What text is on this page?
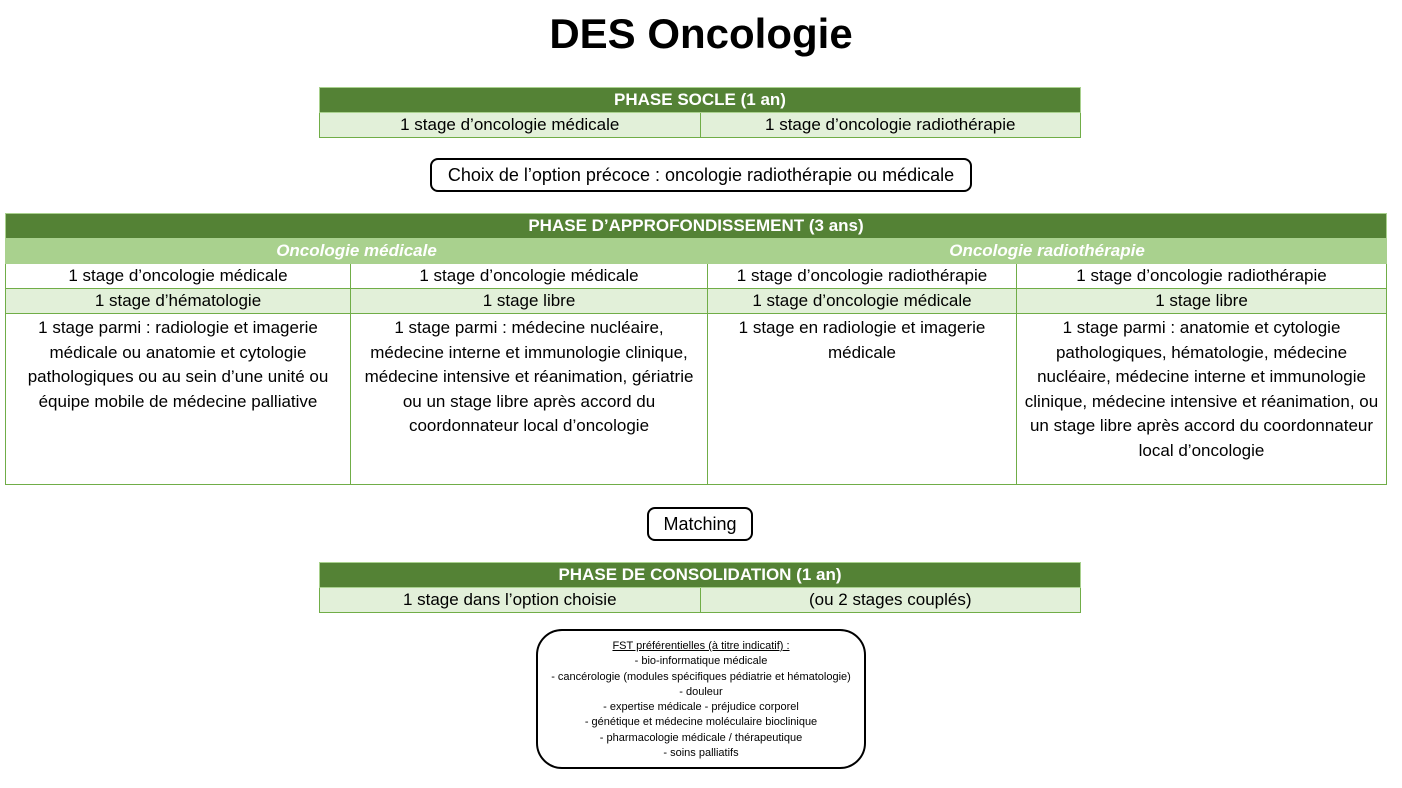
DES Oncologie
PHASE SOCLE (1 an)
1 stage d’oncologie médicale	1 stage d’oncologie radiothérapie
Choix de l’option précoce : oncologie radiothérapie ou médicale
PHASE D’APPROFONDISSEMENT (3 ans)			
Oncologie médicale		Oncologie radiothérapie	
1 stage d’oncologie médicale	1 stage d’oncologie médicale	1 stage d’oncologie radiothérapie	1 stage d’oncologie radiothérapie
1 stage d’hématologie	1 stage libre	1 stage d’oncologie médicale	1 stage libre
1 stage parmi : radiologie et imagerie médicale ou anatomie et cytologie pathologiques ou au sein d’une unité ou équipe mobile de médecine palliative	1 stage parmi : médecine nucléaire, médecine interne et immunologie clinique, médecine intensive et réanimation, gériatrie ou un stage libre après accord du coordonnateur local d’oncologie	1 stage en radiologie et imagerie médicale	1 stage parmi : anatomie et cytologie pathologiques, hématologie, médecine nucléaire, médecine interne et immunologie clinique, médecine intensive et réanimation, ou un stage libre après accord du coordonnateur local d’oncologie
Matching
PHASE DE CONSOLIDATION (1 an)
1 stage dans l’option choisie	(ou 2 stages couplés)
FST préférentielles (à titre indicatif) :
- bio-informatique médicale
- cancérologie (modules spécifiques pédiatrie et hématologie)
- douleur
- expertise médicale - préjudice corporel
- génétique et médecine moléculaire bioclinique
- pharmacologie médicale / thérapeutique
- soins palliatifs
